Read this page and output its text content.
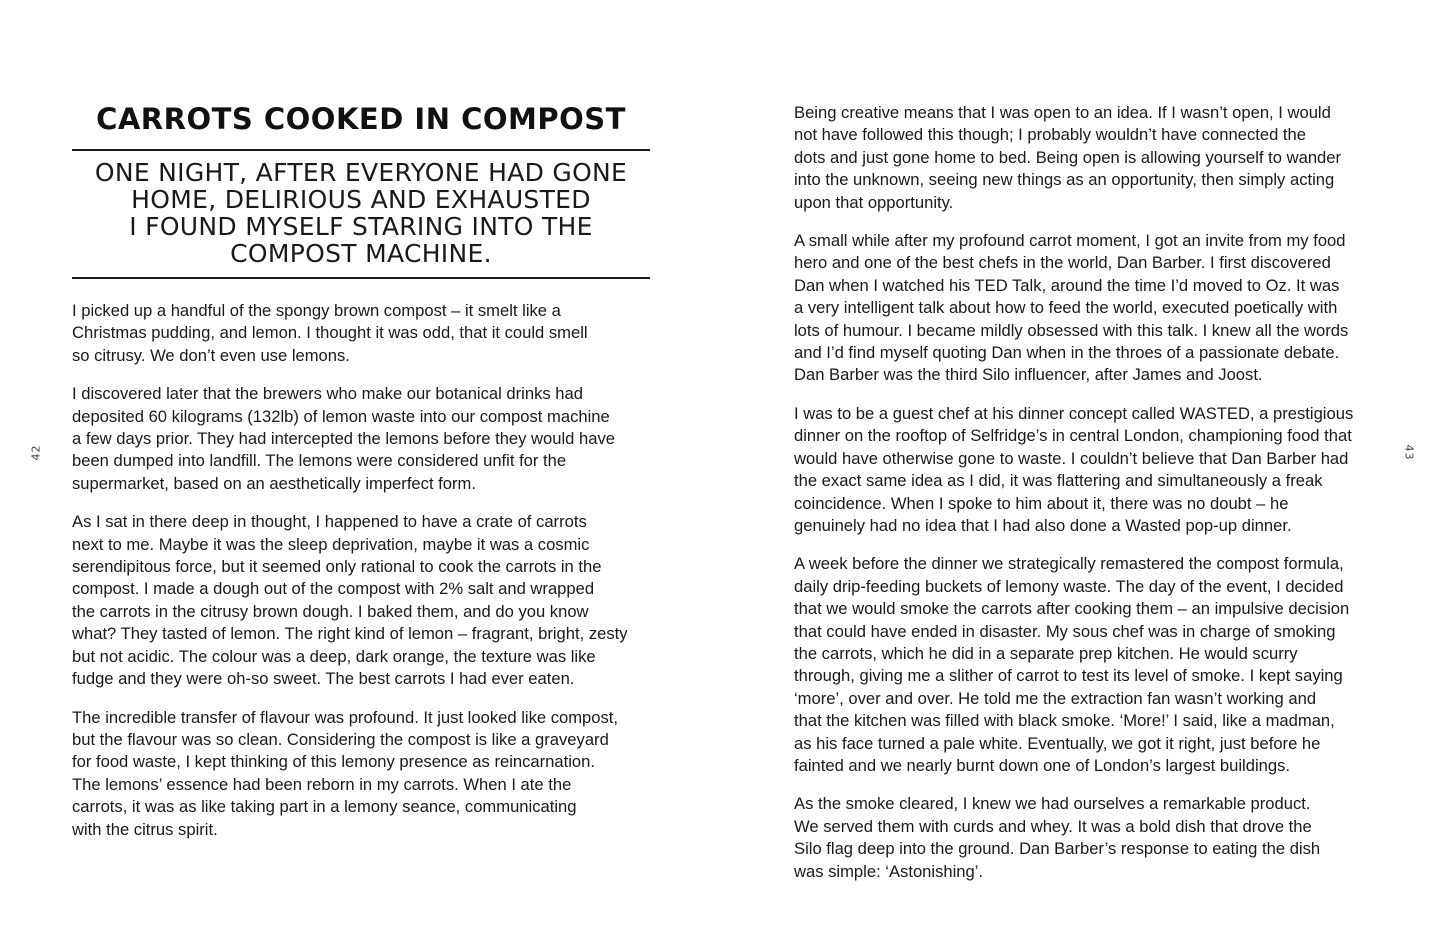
42
CARROTS COOKED IN COMPOST
ONE NIGHT, AFTER EVERYONE HAD GONE
HOME, DELIRIOUS AND EXHAUSTED
I FOUND MYSELF STARING INTO THE
COMPOST MACHINE.

I picked up a handful of the spongy brown compost – it smelt like a
Christmas pudding, and lemon. I thought it was odd, that it could smell
so citrusy. We don’t even use lemons.

I discovered later that the brewers who make our botanical drinks had
deposited 60 kilograms (132lb) of lemon waste into our compost machine
a few days prior. They had intercepted the lemons before they would have
been dumped into landfill. The lemons were considered unfit for the
supermarket, based on an aesthetically imperfect form.

As I sat in there deep in thought, I happened to have a crate of carrots
next to me. Maybe it was the sleep deprivation, maybe it was a cosmic
serendipitous force, but it seemed only rational to cook the carrots in the
compost. I made a dough out of the compost with 2% salt and wrapped
the carrots in the citrusy brown dough. I baked them, and do you know
what? They tasted of lemon. The right kind of lemon – fragrant, bright, zesty
but not acidic. The colour was a deep, dark orange, the texture was like
fudge and they were oh-so sweet. The best carrots I had ever eaten.

The incredible transfer of flavour was profound. It just looked like compost,
but the flavour was so clean. Considering the compost is like a graveyard
for food waste, I kept thinking of this lemony presence as reincarnation.
The lemons’ essence had been reborn in my carrots. When I ate the
carrots, it was as like taking part in a lemony seance, communicating
with the citrus spirit.

43

Being creative means that I was open to an idea. If I wasn’t open, I would
not have followed this though; I probably wouldn’t have connected the
dots and just gone home to bed. Being open is allowing yourself to wander
into the unknown, seeing new things as an opportunity, then simply acting
upon that opportunity.

A small while after my profound carrot moment, I got an invite from my food
hero and one of the best chefs in the world, Dan Barber. I first discovered
Dan when I watched his TED Talk, around the time I’d moved to Oz. It was
a very intelligent talk about how to feed the world, executed poetically with
lots of humour. I became mildly obsessed with this talk. I knew all the words
and I’d find myself quoting Dan when in the throes of a passionate debate.
Dan Barber was the third Silo influencer, after James and Joost.

I was to be a guest chef at his dinner concept called WASTED, a prestigious
dinner on the rooftop of Selfridge’s in central London, championing food that
would have otherwise gone to waste. I couldn’t believe that Dan Barber had
the exact same idea as I did, it was flattering and simultaneously a freak
coincidence. When I spoke to him about it, there was no doubt – he
genuinely had no idea that I had also done a Wasted pop-up dinner.

A week before the dinner we strategically remastered the compost formula,
daily drip-feeding buckets of lemony waste. The day of the event, I decided
that we would smoke the carrots after cooking them – an impulsive decision
that could have ended in disaster. My sous chef was in charge of smoking
the carrots, which he did in a separate prep kitchen. He would scurry
through, giving me a slither of carrot to test its level of smoke. I kept saying
‘more’, over and over. He told me the extraction fan wasn’t working and
that the kitchen was filled with black smoke. ‘More!’ I said, like a madman,
as his face turned a pale white. Eventually, we got it right, just before he
fainted and we nearly burnt down one of London’s largest buildings.

As the smoke cleared, I knew we had ourselves a remarkable product.
We served them with curds and whey. It was a bold dish that drove the
Silo flag deep into the ground. Dan Barber’s response to eating the dish
was simple: ‘Astonishing’.
